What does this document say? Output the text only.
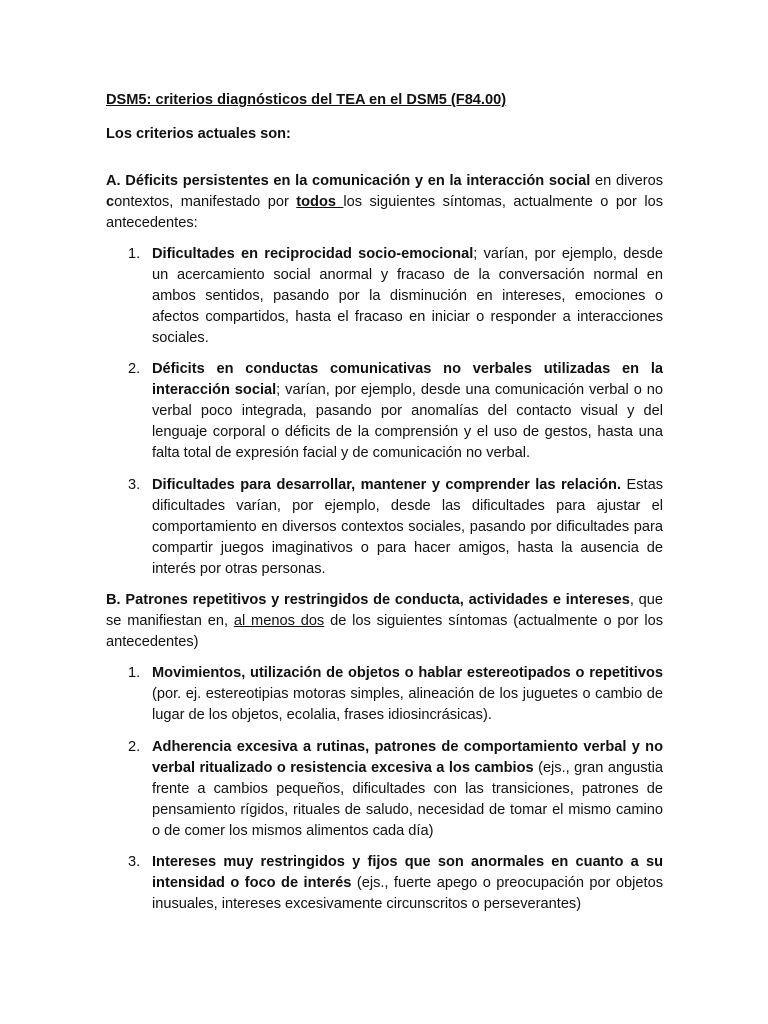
DSM5: criterios diagnósticos del TEA en el DSM5 (F84.00)

Los criterios actuales son:

A. Déficits persistentes en la comunicación y en la interacción social en diveros contextos, manifestado por todos los siguientes síntomas, actualmente o por los antecedentes:

1. Dificultades en reciprocidad socio-emocional; varían, por ejemplo, desde un acercamiento social anormal y fracaso de la conversación normal en ambos sentidos, pasando por la disminución en intereses, emociones o afectos compartidos, hasta el fracaso en iniciar o responder a interacciones sociales.
2. Déficits en conductas comunicativas no verbales utilizadas en la interacción social; varían, por ejemplo, desde una comunicación verbal o no verbal poco integrada, pasando por anomalías del contacto visual y del lenguaje corporal o déficits de la comprensión y el uso de gestos, hasta una falta total de expresión facial y de comunicación no verbal.
3. Dificultades para desarrollar, mantener y comprender las relación. Estas dificultades varían, por ejemplo, desde las dificultades para ajustar el comportamiento en diversos contextos sociales, pasando por dificultades para compartir juegos imaginativos o para hacer amigos, hasta la ausencia de interés por otras personas.

B. Patrones repetitivos y restringidos de conducta, actividades e intereses, que se manifiestan en, al menos dos de los siguientes síntomas (actualmente o por los antecedentes)

1. Movimientos, utilización de objetos o hablar estereotipados o repetitivos (por. ej. estereotipias motoras simples, alineación de los juguetes o cambio de lugar de los objetos, ecolalia, frases idiosincrásicas).
2. Adherencia excesiva a rutinas, patrones de comportamiento verbal y no verbal ritualizado o resistencia excesiva a los cambios (ejs., gran angustia frente a cambios pequeños, dificultades con las transiciones, patrones de pensamiento rígidos, rituales de saludo, necesidad de tomar el mismo camino o de comer los mismos alimentos cada día)
3. Intereses muy restringidos y fijos que son anormales en cuanto a su intensidad o foco de interés (ejs., fuerte apego o preocupación por objetos inusuales, intereses excesivamente circunscritos o perseverantes)
